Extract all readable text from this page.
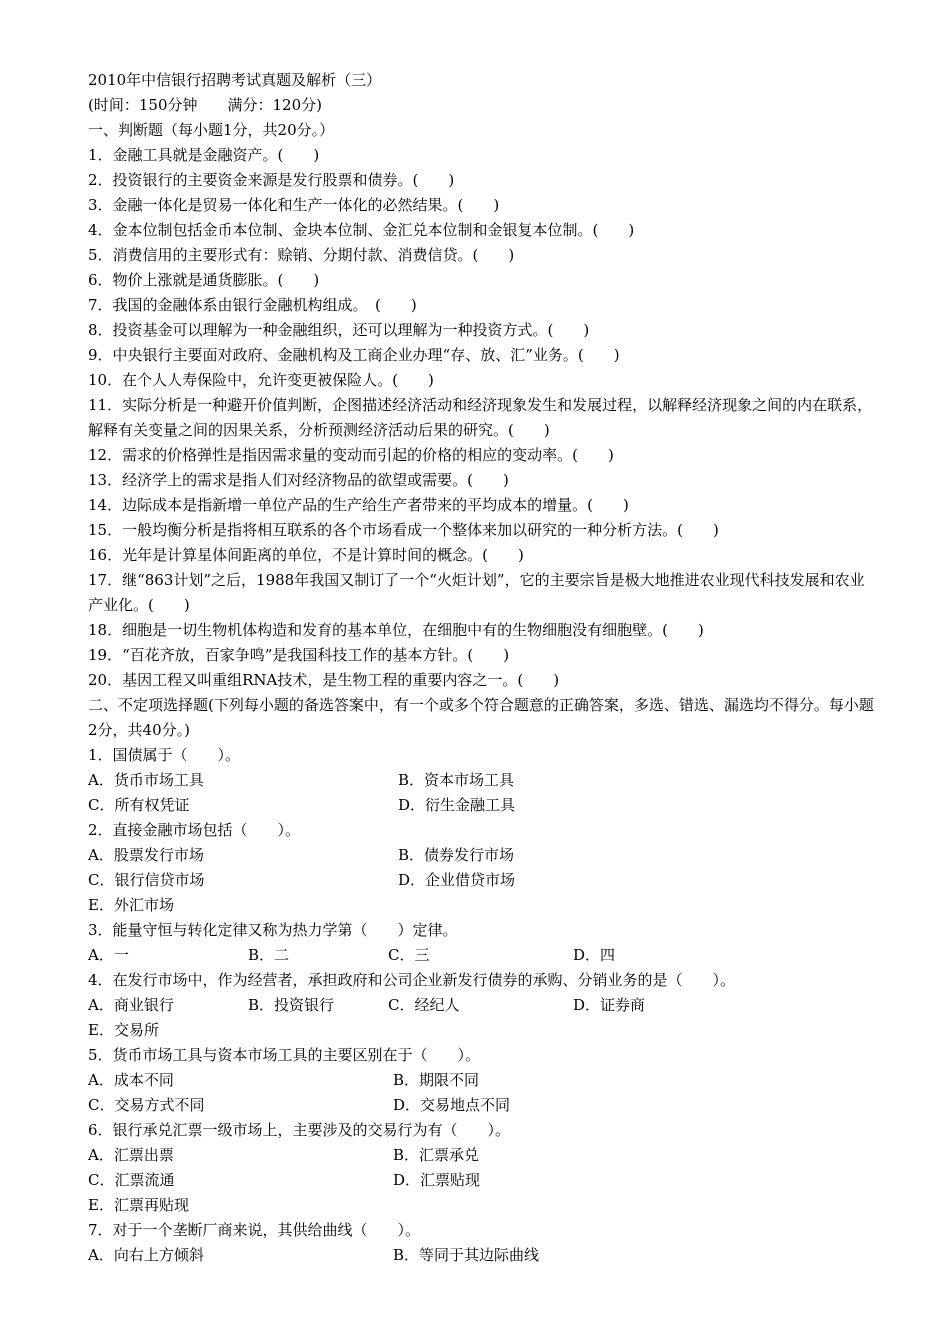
2010年中信银行招聘考试真题及解析（三）
(时间：150分钟　　满分：120分)
一、判断题（每小题1分，共20分。）
1．金融工具就是金融资产。(　　)
2．投资银行的主要资金来源是发行股票和债券。(　　)
3．金融一体化是贸易一体化和生产一体化的必然结果。(　　)
4．金本位制包括金币本位制、金块本位制、金汇兑本位制和金银复本位制。(　　)
5．消费信用的主要形式有：赊销、分期付款、消费信贷。(　　)
6．物价上涨就是通货膨胀。(　　)
7．我国的金融体系由银行金融机构组成。　(　　)
8．投资基金可以理解为一种金融组织，还可以理解为一种投资方式。(　　)
9．中央银行主要面对政府、金融机构及工商企业办理“存、放、汇”业务。(　　)
10．在个人人寿保险中，允许变更被保险人。(　　)
11．实际分析是一种避开价值判断，企图描述经济活动和经济现象发生和发展过程，以解释经济现象之间的内在联系，解释有关变量之间的因果关系，分析预测经济活动后果的研究。(　　)
12．需求的价格弹性是指因需求量的变动而引起的价格的相应的变动率。(　　)
13．经济学上的需求是指人们对经济物品的欲望或需要。(　　)
14．边际成本是指新增一单位产品的生产给生产者带来的平均成本的增量。(　　)
15．一般均衡分析是指将相互联系的各个市场看成一个整体来加以研究的一种分析方法。(　　)
16．光年是计算星体间距离的单位，不是计算时间的概念。(　　)
17．继“863计划”之后，1988年我国又制订了一个“火炬计划”，它的主要宗旨是极大地推进农业现代科技发展和农业产业化。(　　)
18．细胞是一切生物机体构造和发育的基本单位，在细胞中有的生物细胞没有细胞壁。(　　)
19．“百花齐放，百家争鸣”是我国科技工作的基本方针。(　　)
20．基因工程又叫重组RNA技术，是生物工程的重要内容之一。(　　)
二、不定项选择题(下列每小题的备选答案中，有一个或多个符合题意的正确答案，多选、错选、漏选均不得分。每小题2分，共40分。)
1．国债属于（　　）。
A．货币市场工具	B．资本市场工具
C．所有权凭证	D．衍生金融工具
2．直接金融市场包括（　　）。
A．股票发行市场	B．债券发行市场
C．银行信贷市场	D．企业借贷市场
E．外汇市场
3．能量守恒与转化定律又称为热力学第（　　）定律。
A．一	B．二	C．三	D．四
4．在发行市场中，作为经营者，承担政府和公司企业新发行债券的承购、分销业务的是（　　）。
A．商业银行	B．投资银行	C．经纪人	D．证券商
E．交易所
5．货币市场工具与资本市场工具的主要区别在于（　　）。
A．成本不同	B．期限不同
C．交易方式不同	D．交易地点不同
6．银行承兑汇票一级市场上，主要涉及的交易行为有（　　）。
A．汇票出票	B．汇票承兑
C．汇票流通	D．汇票贴现
E．汇票再贴现
7．对于一个垄断厂商来说，其供给曲线（　　）。
A．向右上方倾斜	B．等同于其边际曲线
